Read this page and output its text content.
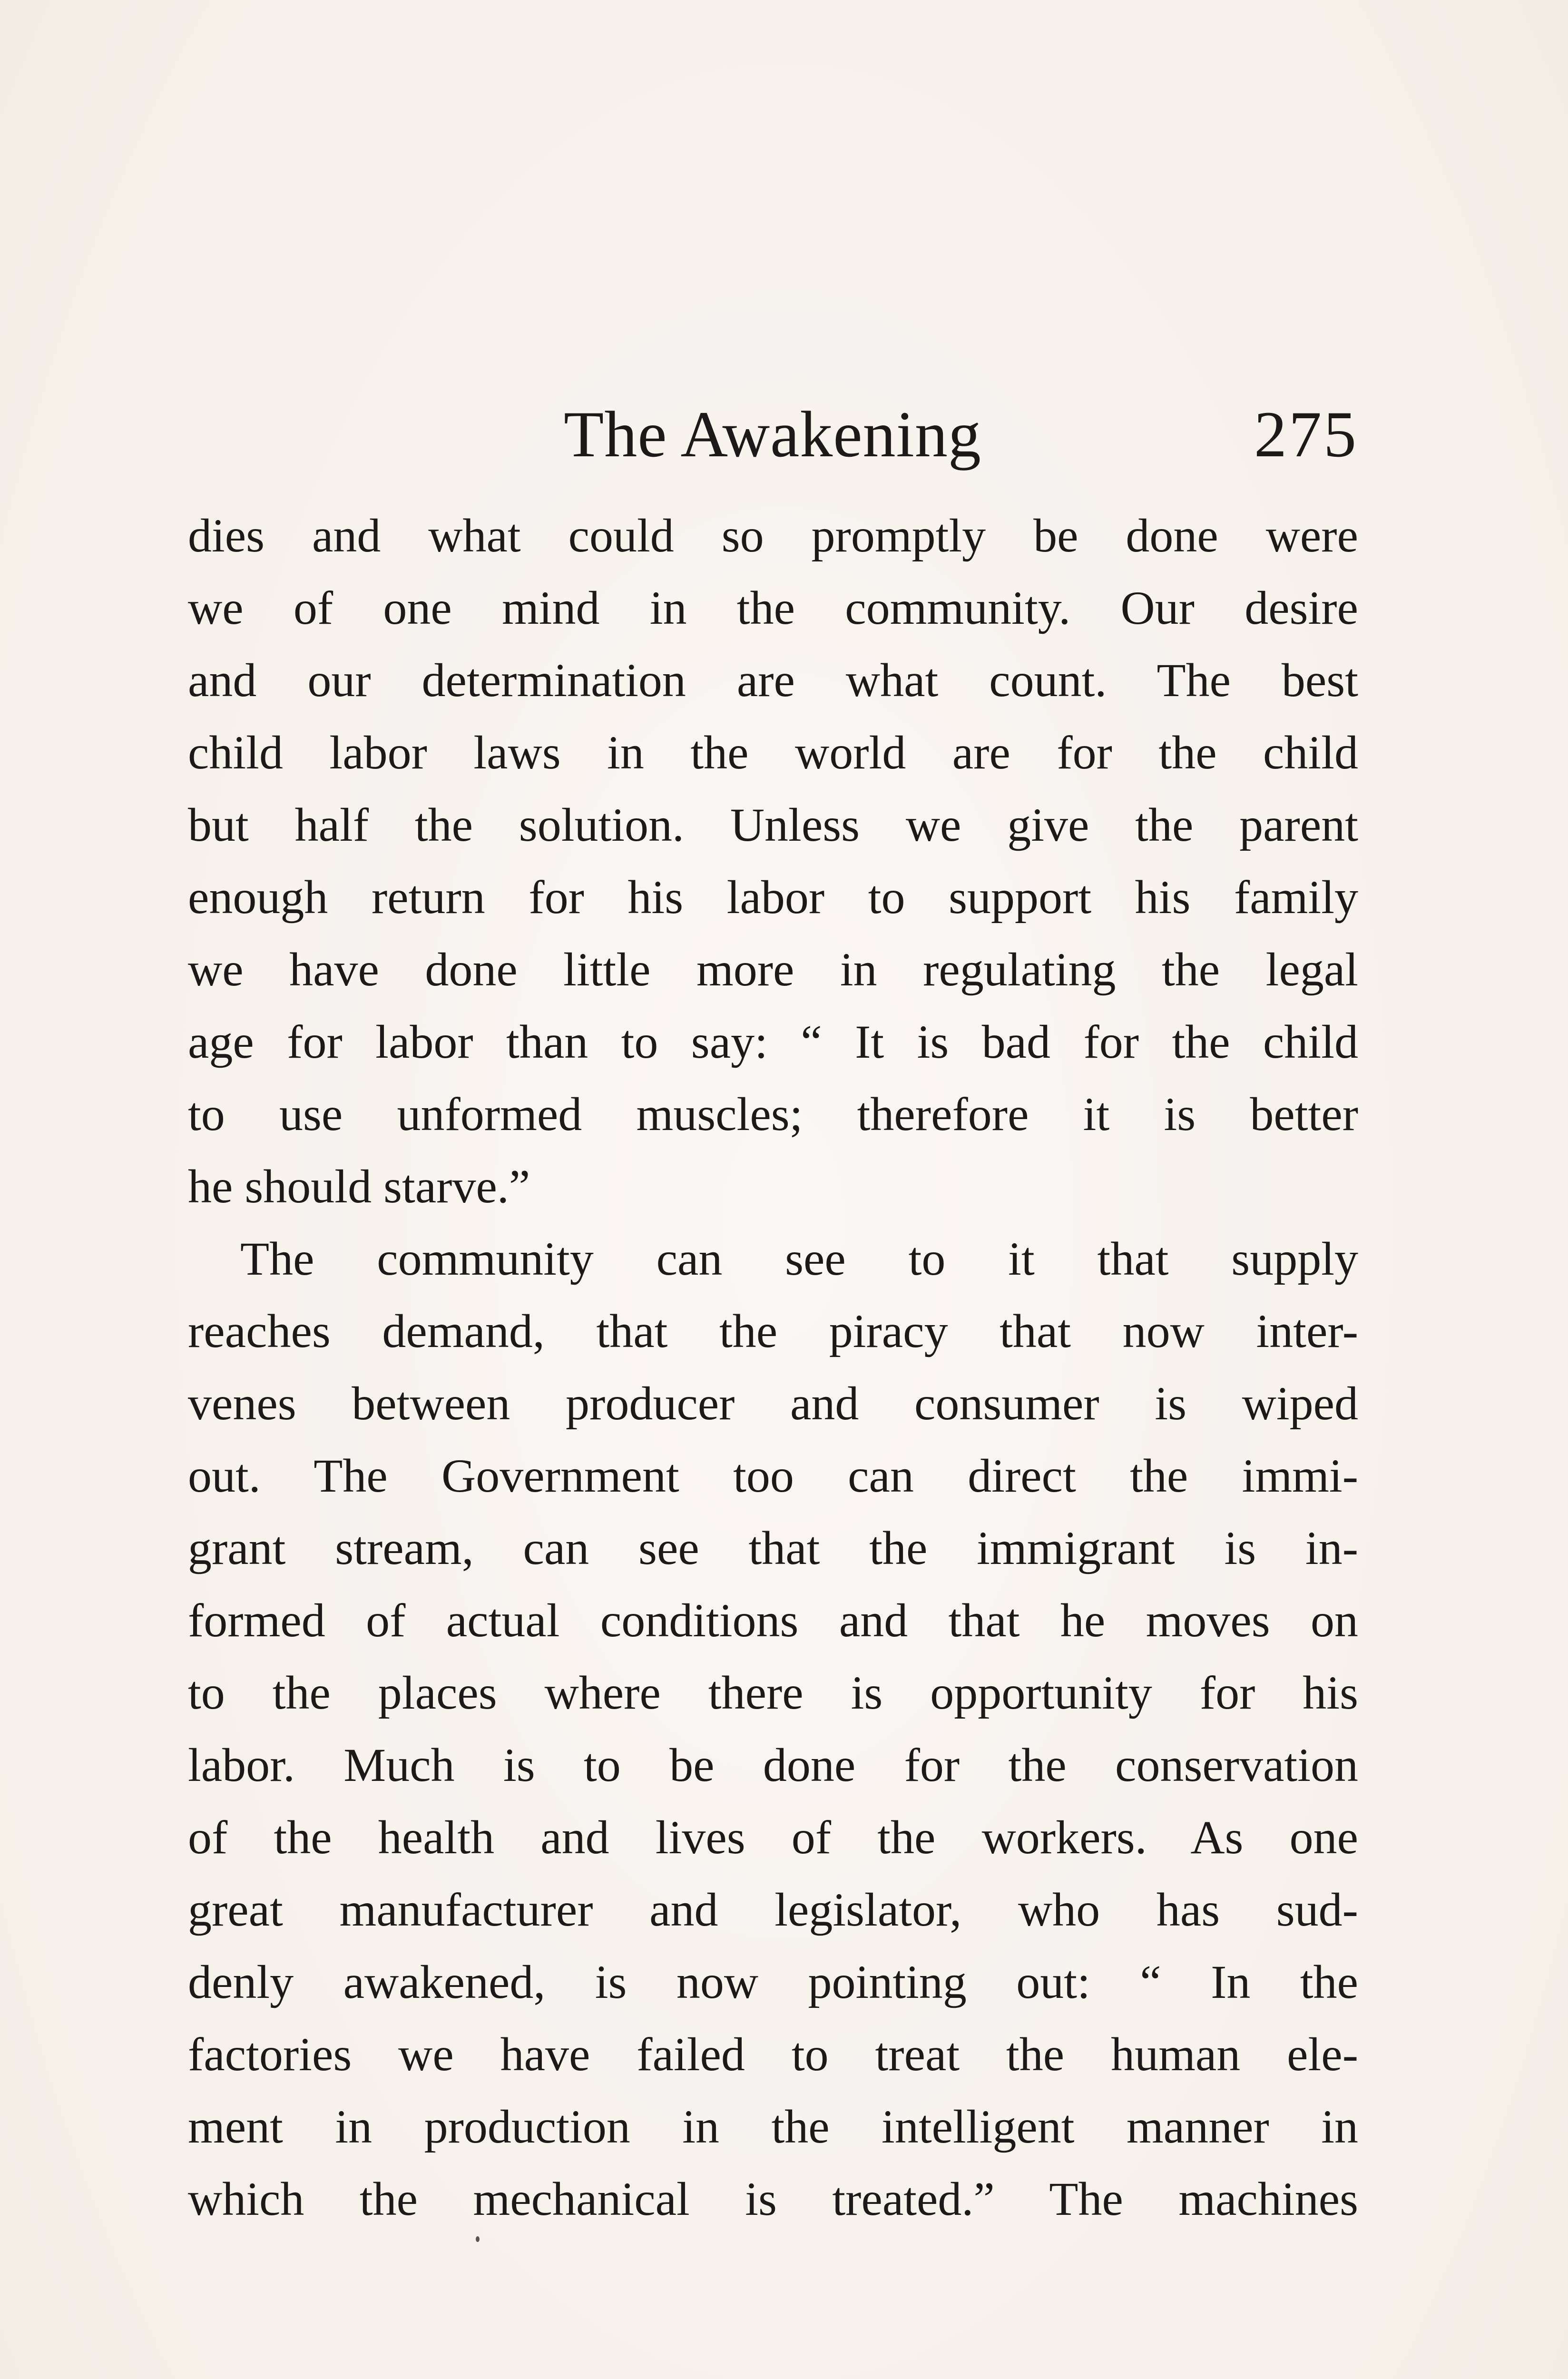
The Awakening	275
dies and what could so promptly be done were
we of one mind in the community. Our desire
and our determination are what count. The best
child labor laws in the world are for the child
but half the solution. Unless we give the parent
enough return for his labor to support his family
we have done little more in regulating the legal
age for labor than to say: “ It is bad for the child
to use unformed muscles; therefore it is better
he should starve.”
The community can see to it that supply
reaches demand, that the piracy that now inter-
venes between producer and consumer is wiped
out. The Government too can direct the immi-
grant stream, can see that the immigrant is in-
formed of actual conditions and that he moves on
to the places where there is opportunity for his
labor. Much is to be done for the conservation
of the health and lives of the workers. As one
great manufacturer and legislator, who has sud-
denly awakened, is now pointing out: “ In the
factories we have failed to treat the human ele-
ment in production in the intelligent manner in
which the mechanical is treated.” The machines
